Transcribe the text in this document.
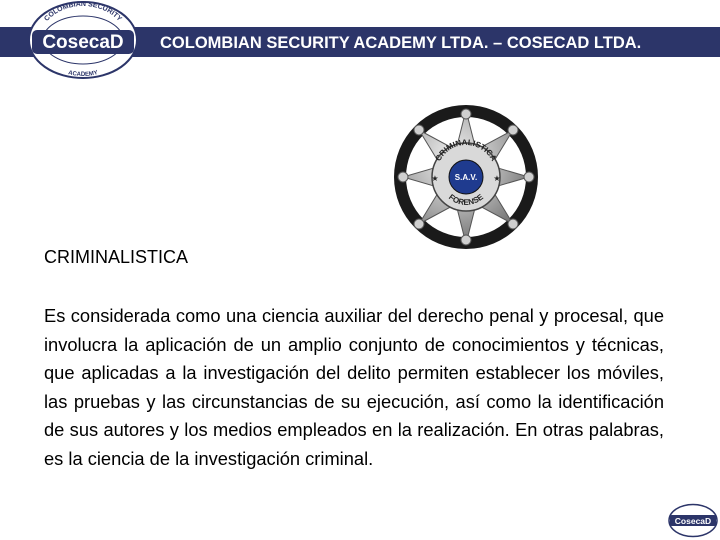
COLOMBIAN SECURITY ACADEMY LTDA. – COSECAD LTDA.
COLOMBIAN SECURITY
ACADEMY
CosecaD
CRIMINALISTICA
FORENSE
S.A.V.
★	★
CRIMINALISTICA
Es considerada como una ciencia auxiliar del derecho penal y procesal, que involucra la aplicación de un amplio conjunto de conocimientos y técnicas, que aplicadas a la investigación del delito permiten establecer los móviles, las pruebas y las circunstancias de su ejecución, así como la identificación de sus autores y los medios empleados en la realización. En otras palabras, es la ciencia de la investigación criminal.
CosecaD
